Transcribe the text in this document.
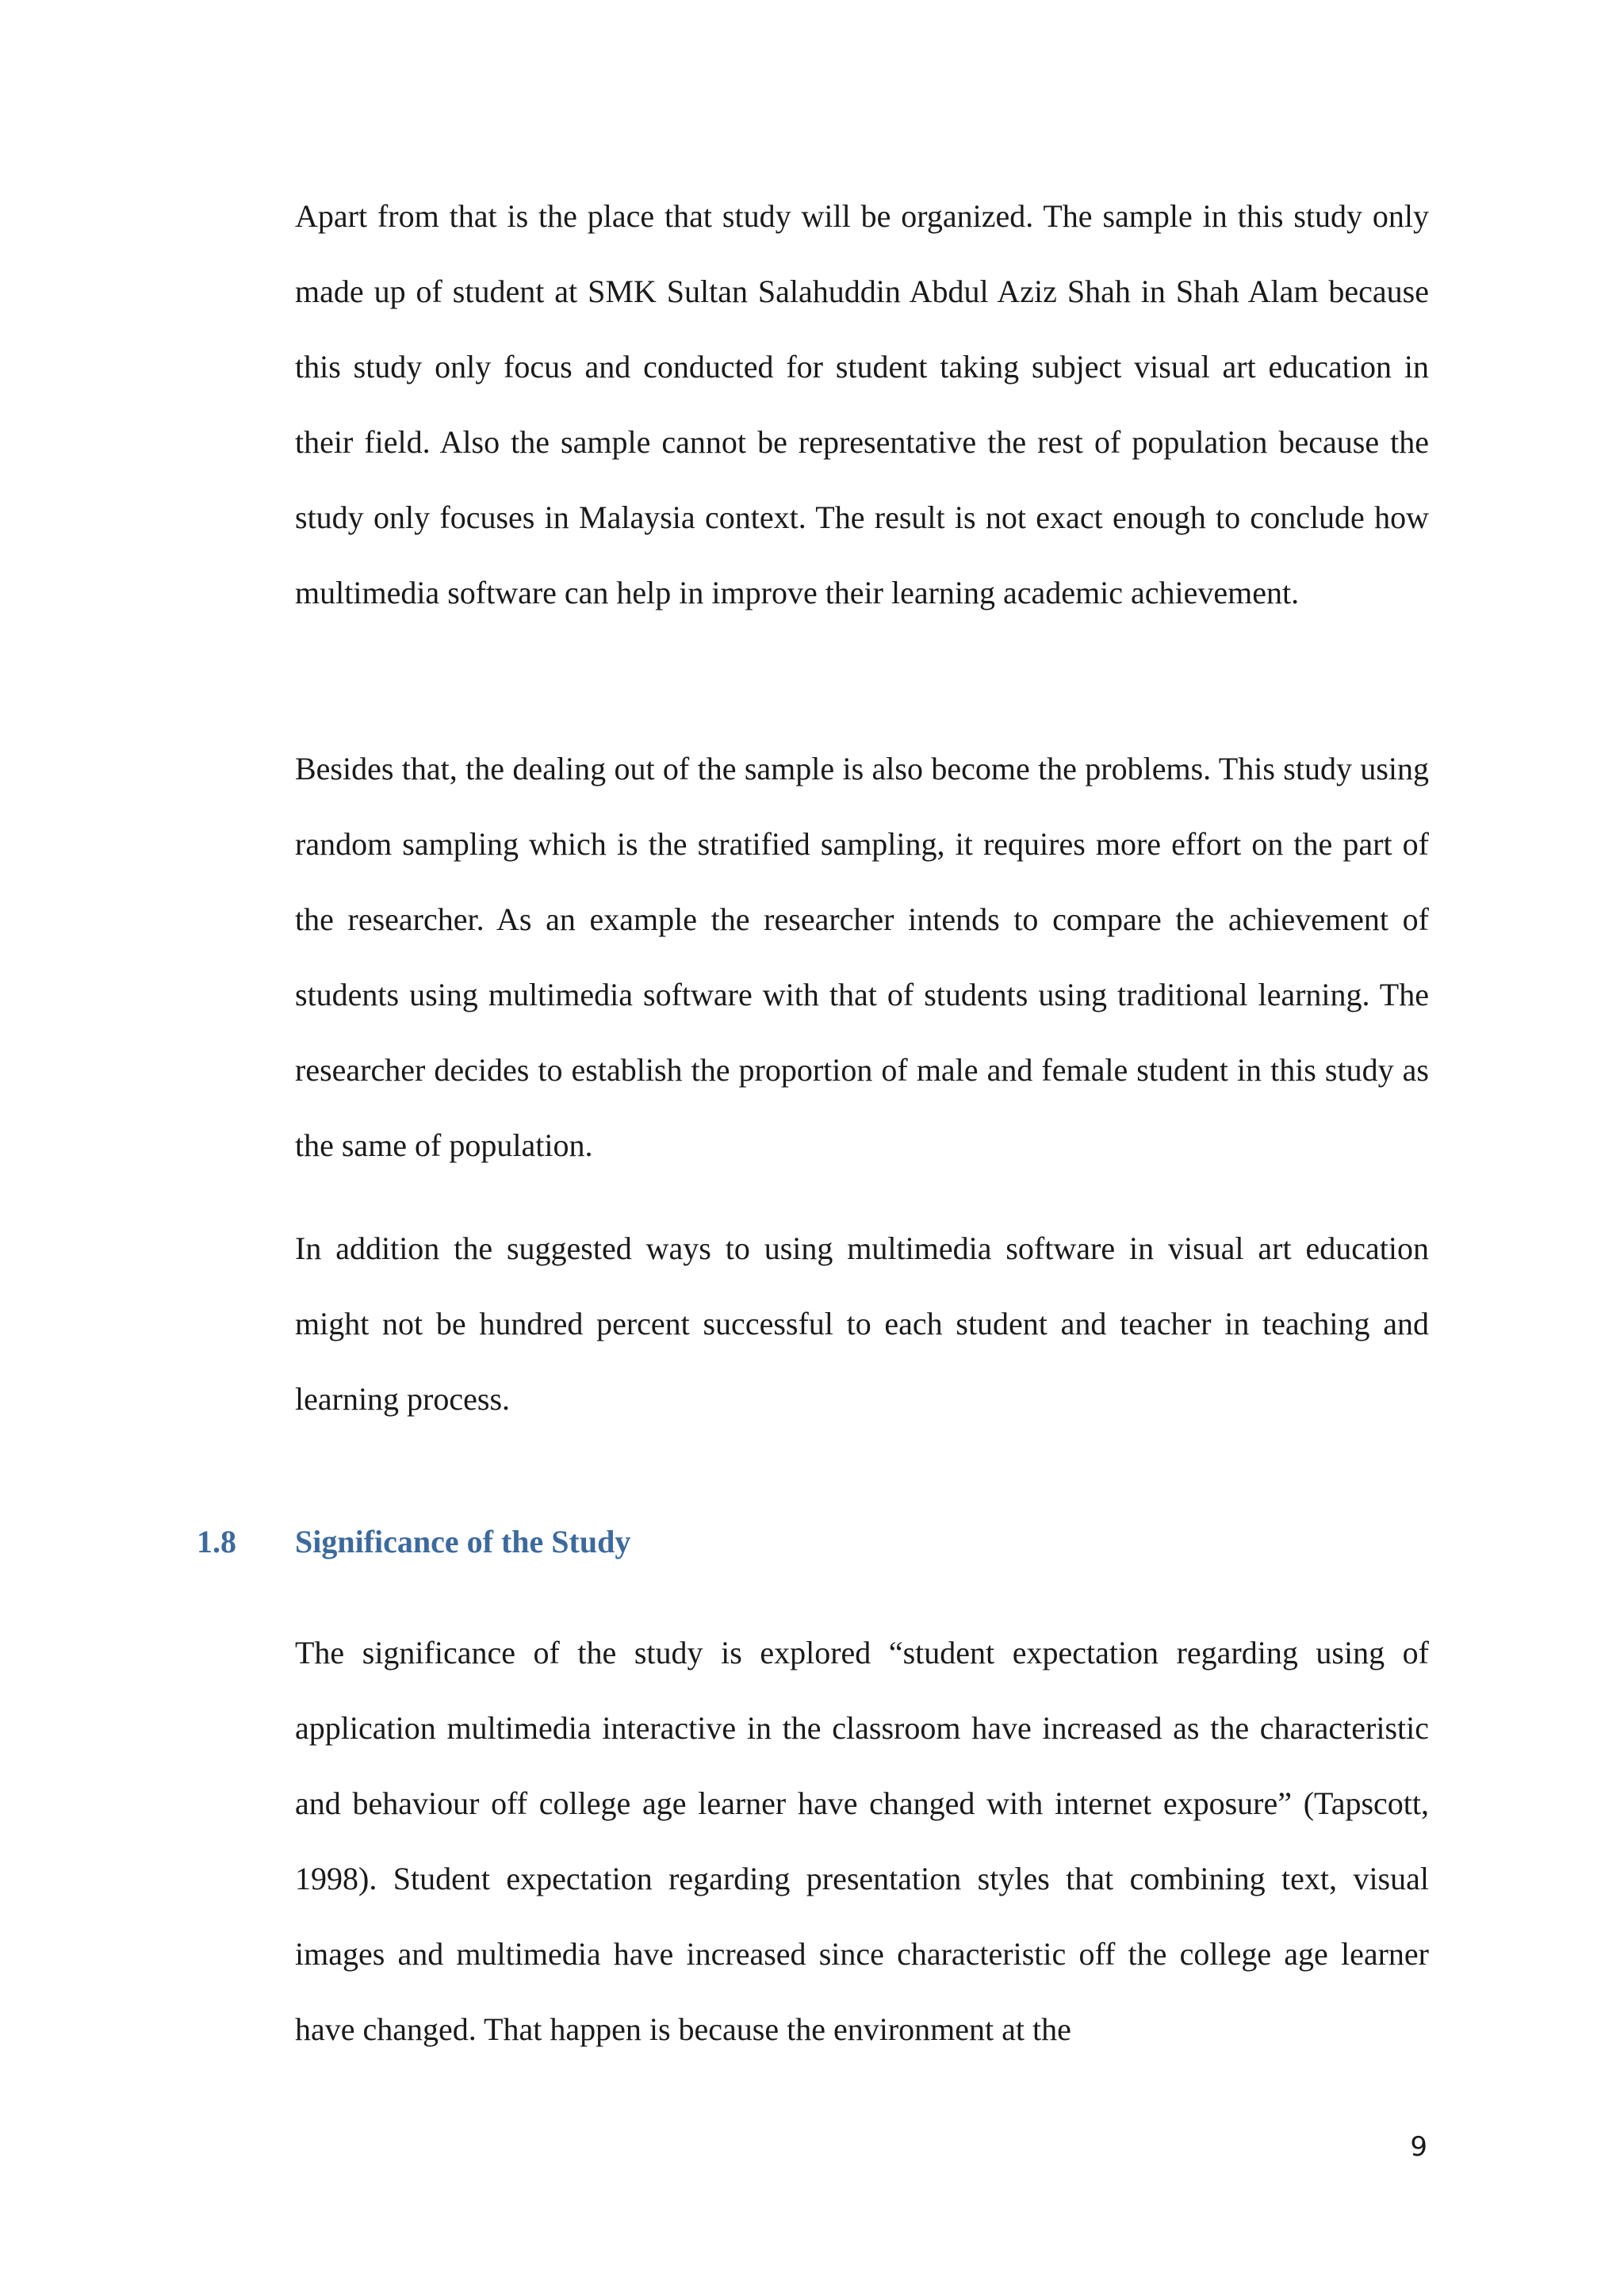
Apart from that is the place that study will be organized. The sample in this study only made up of student at SMK Sultan Salahuddin Abdul Aziz Shah in Shah Alam because this study only focus and conducted for student taking subject visual art education in their field. Also the sample cannot be representative the rest of population because the study only focuses in Malaysia context. The result is not exact enough to conclude how multimedia software can help in improve their learning academic achievement.

Besides that, the dealing out of the sample is also become the problems. This study using random sampling which is the stratified sampling, it requires more effort on the part of the researcher. As an example the researcher intends to compare the achievement of students using multimedia software with that of students using traditional learning. The researcher decides to establish the proportion of male and female student in this study as the same of population.

In addition the suggested ways to using multimedia software in visual art education might not be hundred percent successful to each student and teacher in teaching and learning process.

1.8 Significance of the Study

The significance of the study is explored “student expectation regarding using of application multimedia interactive in the classroom have increased as the characteristic and behaviour off college age learner have changed with internet exposure” (Tapscott, 1998). Student expectation regarding presentation styles that combining text, visual images and multimedia have increased since characteristic off the college age learner have changed. That happen is because the environment at the

9
